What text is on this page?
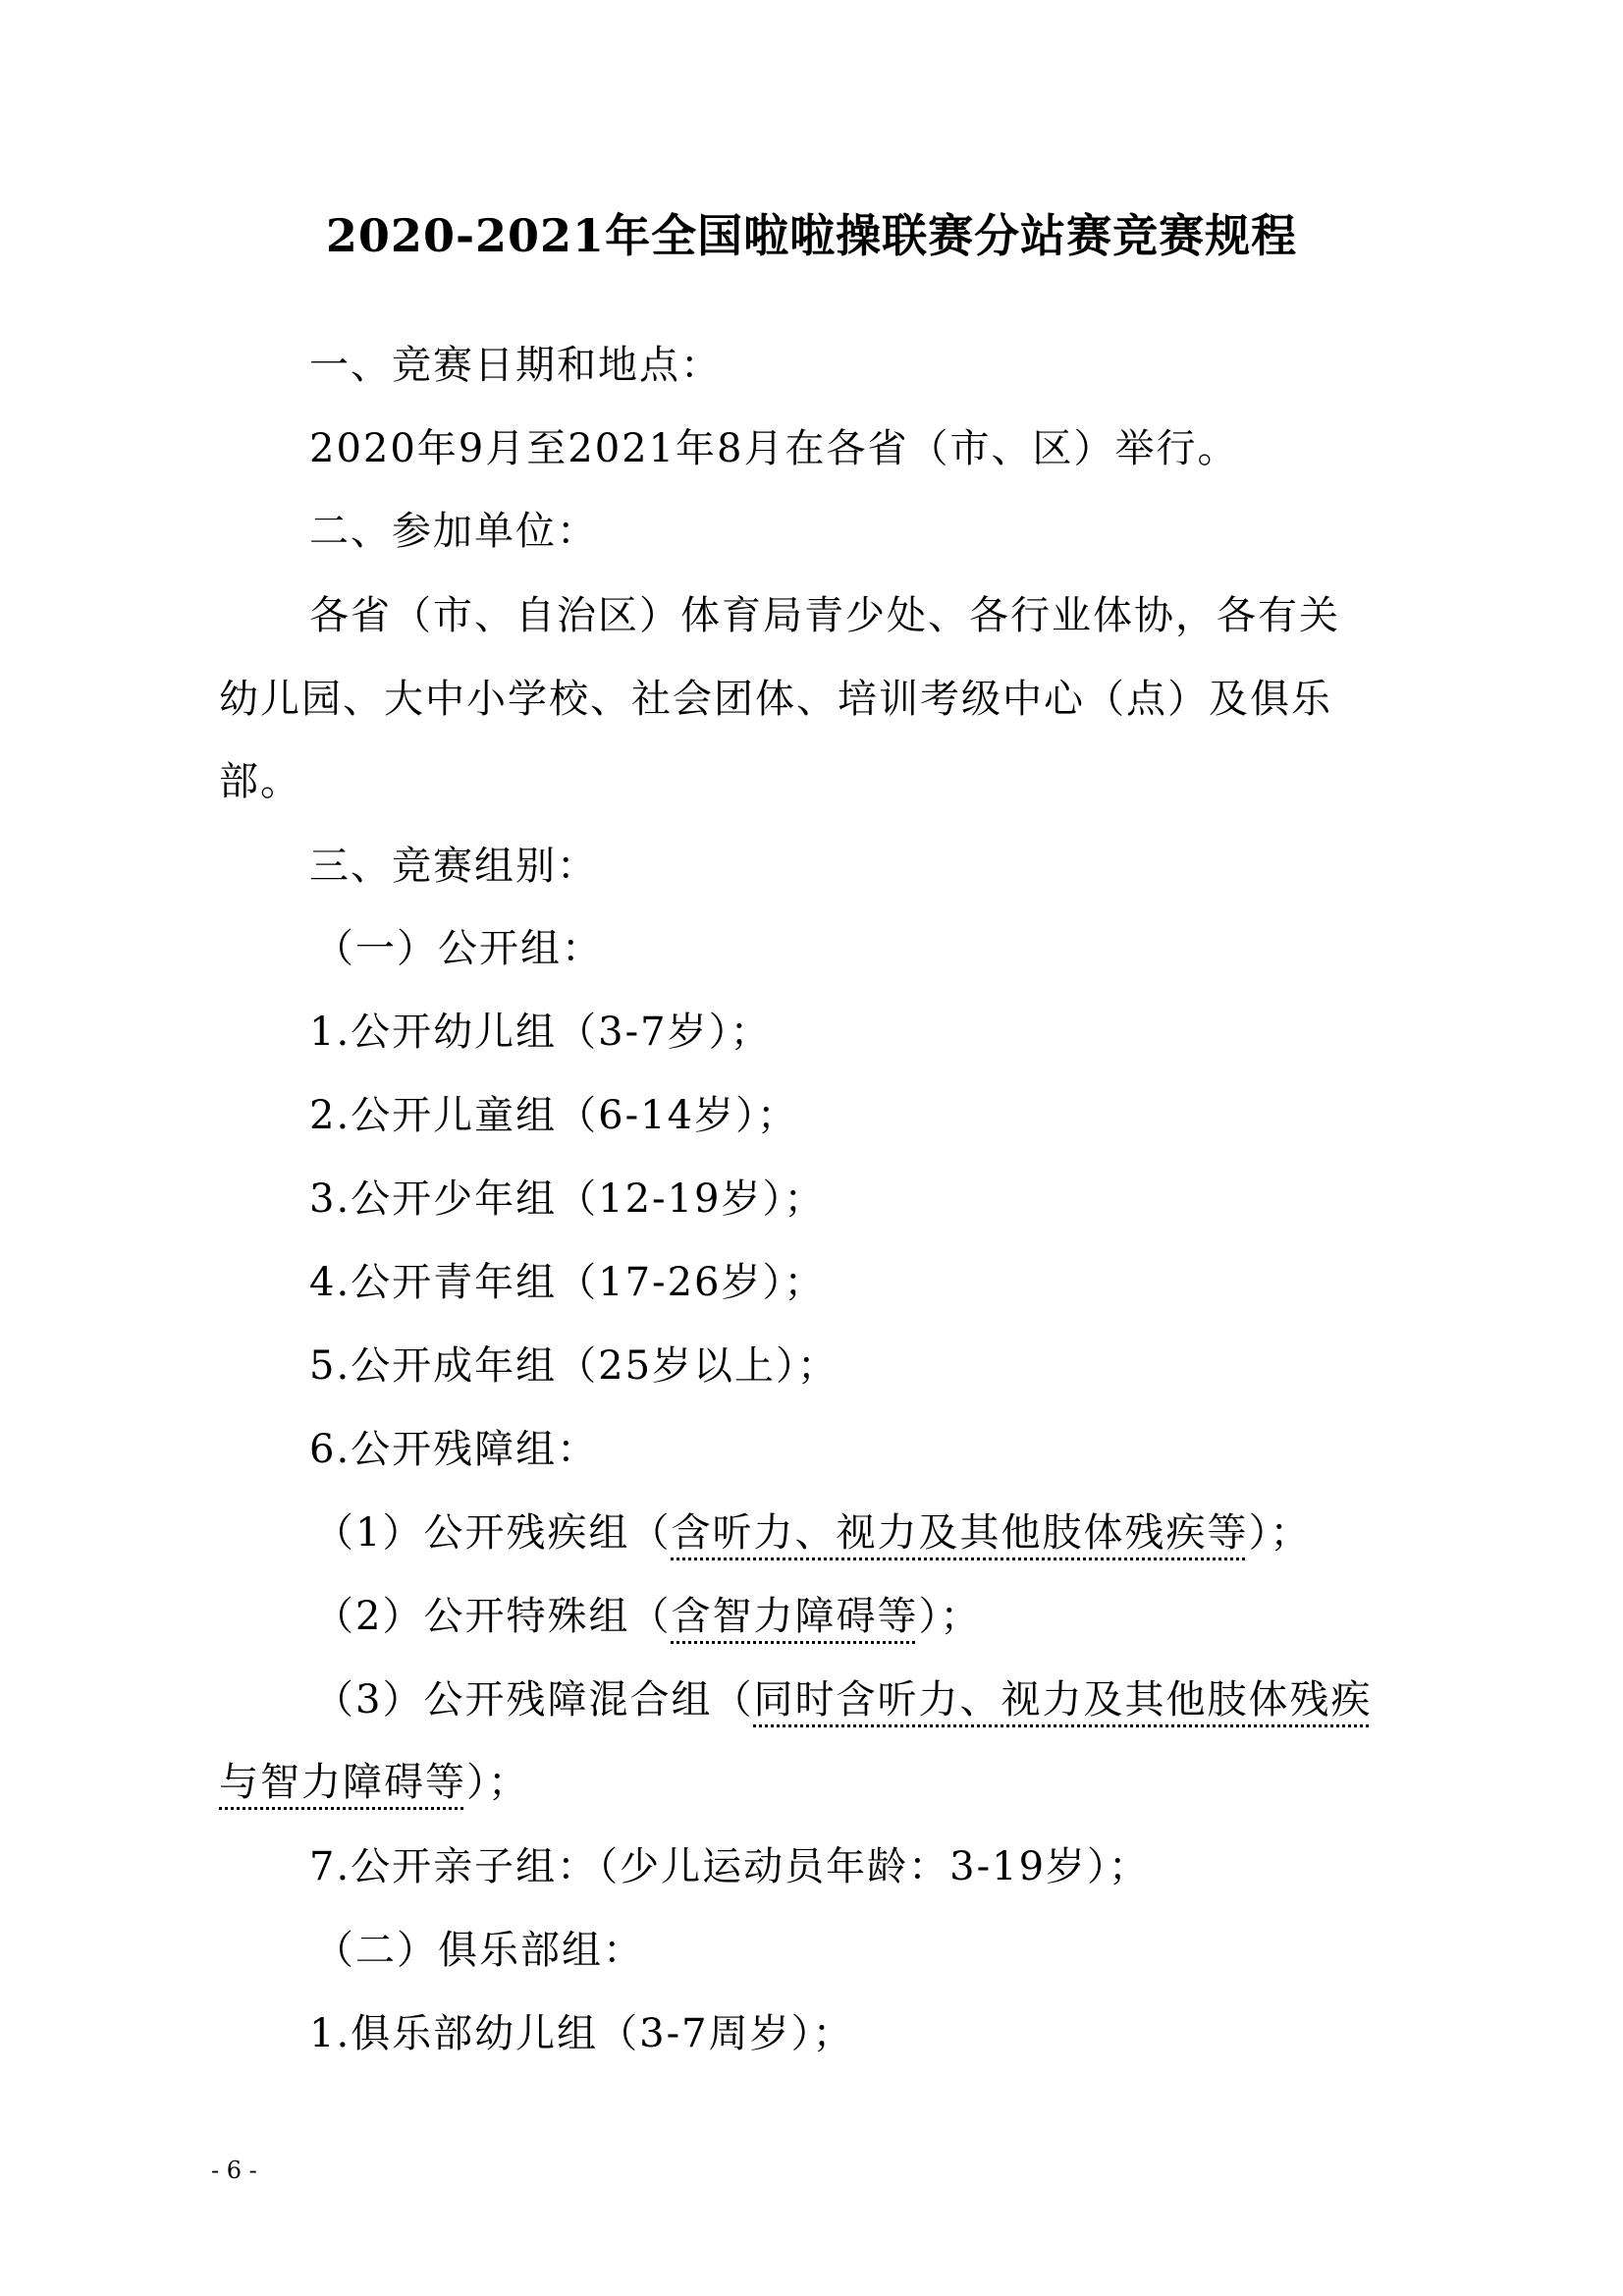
2020-2021年全国啦啦操联赛分站赛竞赛规程
一、竞赛日期和地点：
2020年9月至2021年8月在各省（市、区）举行。
二、参加单位：
各省（市、自治区）体育局青少处、各行业体协，各有关
幼儿园、大中小学校、社会团体、培训考级中心（点）及俱乐
部。
三、竞赛组别：
（一）公开组：
1.公开幼儿组（3-7岁）；
2.公开儿童组（6-14岁）；
3.公开少年组（12-19岁）；
4.公开青年组（17-26岁）；
5.公开成年组（25岁以上）；
6.公开残障组：
（1）公开残疾组（含听力、视力及其他肢体残疾等）；
（2）公开特殊组（含智力障碍等）；
（3）公开残障混合组（同时含听力、视力及其他肢体残疾
与智力障碍等）；
7.公开亲子组：（少儿运动员年龄：3-19岁）；
（二）俱乐部组：
1.俱乐部幼儿组（3-7周岁）；
- 6 -
